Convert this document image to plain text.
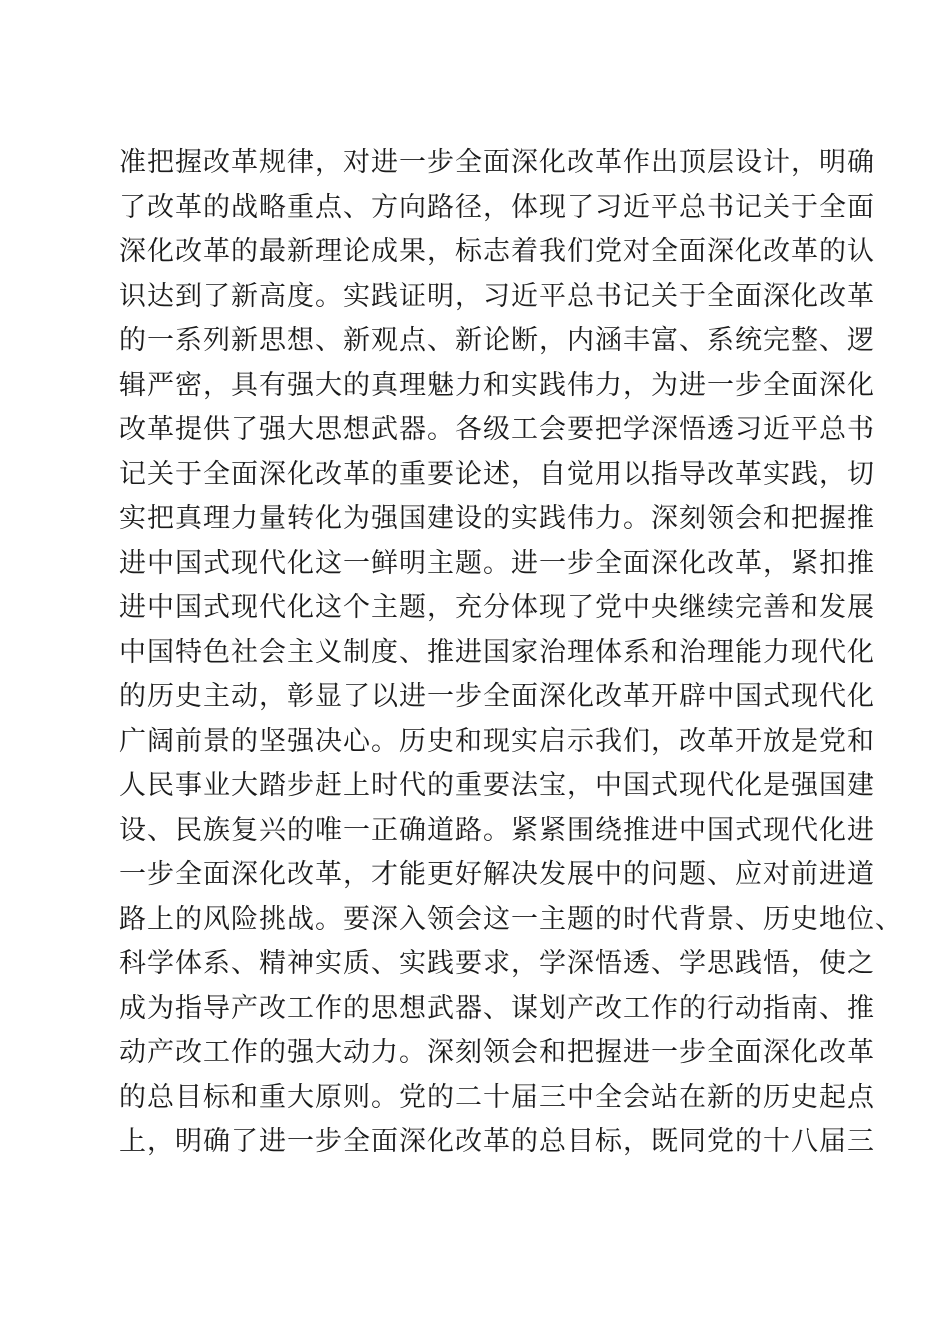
准把握改革规律，对进一步全面深化改革作出顶层设计，明确
了改革的战略重点、方向路径，体现了习近平总书记关于全面
深化改革的最新理论成果，标志着我们党对全面深化改革的认
识达到了新高度。实践证明，习近平总书记关于全面深化改革
的一系列新思想、新观点、新论断，内涵丰富、系统完整、逻
辑严密，具有强大的真理魅力和实践伟力，为进一步全面深化
改革提供了强大思想武器。各级工会要把学深悟透习近平总书
记关于全面深化改革的重要论述，自觉用以指导改革实践，切
实把真理力量转化为强国建设的实践伟力。深刻领会和把握推
进中国式现代化这一鲜明主题。进一步全面深化改革，紧扣推
进中国式现代化这个主题，充分体现了党中央继续完善和发展
中国特色社会主义制度、推进国家治理体系和治理能力现代化
的历史主动，彰显了以进一步全面深化改革开辟中国式现代化
广阔前景的坚强决心。历史和现实启示我们，改革开放是党和
人民事业大踏步赶上时代的重要法宝，中国式现代化是强国建
设、民族复兴的唯一正确道路。紧紧围绕推进中国式现代化进
一步全面深化改革，才能更好解决发展中的问题、应对前进道
路上的风险挑战。要深入领会这一主题的时代背景、历史地位、
科学体系、精神实质、实践要求，学深悟透、学思践悟，使之
成为指导产改工作的思想武器、谋划产改工作的行动指南、推
动产改工作的强大动力。深刻领会和把握进一步全面深化改革
的总目标和重大原则。党的二十届三中全会站在新的历史起点
上，明确了进一步全面深化改革的总目标，既同党的十八届三
